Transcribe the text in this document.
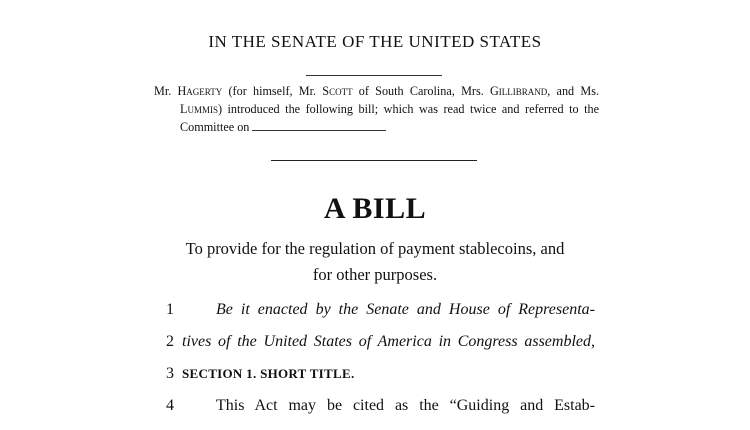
IN THE SENATE OF THE UNITED STATES

Mr. Hagerty (for himself, Mr. Scott of South Carolina, Mrs. Gillibrand, and Ms. Lummis) introduced the following bill; which was read twice and referred to the Committee on

A BILL
To provide for the regulation of payment stablecoins, and
for other purposes.
1	Be it enacted by the Senate and House of Representa-
2 tives of the United States of America in Congress assembled,
3 SECTION 1. SHORT TITLE.
4	This Act may be cited as the “Guiding and Estab-
